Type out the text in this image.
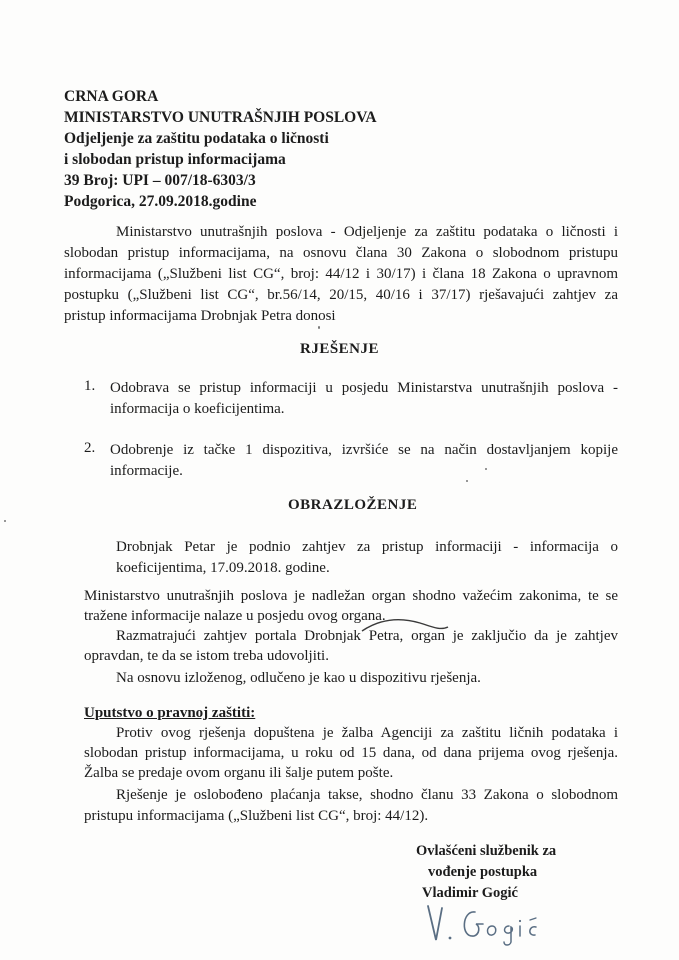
CRNA GORA
MINISTARSTVO UNUTRAŠNJIH POSLOVA
Odjeljenje za zaštitu podataka o ličnosti
i slobodan pristup informacijama
39 Broj: UPI – 007/18-6303/3
Podgorica, 27.09.2018.godine
Ministarstvo unutrašnjih poslova - Odjeljenje za zaštitu podataka o ličnosti i
slobodan pristup informacijama, na osnovu člana 30 Zakona o slobodnom pristupu
informacijama („Službeni list CG“, broj: 44/12 i 30/17) i člana 18 Zakona o upravnom
postupku („Službeni list CG“, br.56/14, 20/15, 40/16 i 37/17) rješavajući zahtjev za
pristup informacijama Drobnjak Petra donosi
RJEŠENJE
1. Odobrava se pristup informaciji u posjedu Ministarstva unutrašnjih poslova -
informacija o koeficijentima.
2. Odobrenje iz tačke 1 dispozitiva, izvršiće se na način dostavljanjem kopije
informacije.
OBRAZLOŽENJE
Drobnjak Petar je podnio zahtjev za pristup informaciji - informacija o
koeficijentima, 17.09.2018. godine.
Ministarstvo unutrašnjih poslova je nadležan organ shodno važećim zakonima, te se
tražene informacije nalaze u posjedu ovog organa.
Razmatrajući zahtjev portala Drobnjak Petra, organ je zaključio da je zahtjev
opravdan, te da se istom treba udovoljiti.
Na osnovu izloženog, odlučeno je kao u dispozitivu rješenja.
Uputstvo o pravnoj zaštiti:
Protiv ovog rješenja dopuštena je žalba Agenciji za zaštitu ličnih podataka i
slobodan pristup informacijama, u roku od 15 dana, od dana prijema ovog rješenja.
Žalba se predaje ovom organu ili šalje putem pošte.
Rješenje je oslobođeno plaćanja takse, shodno članu 33 Zakona o slobodnom
pristupu informacijama („Službeni list CG“, broj: 44/12).
Ovlašćeni službenik za
vođenje postupka
Vladimir Gogić
